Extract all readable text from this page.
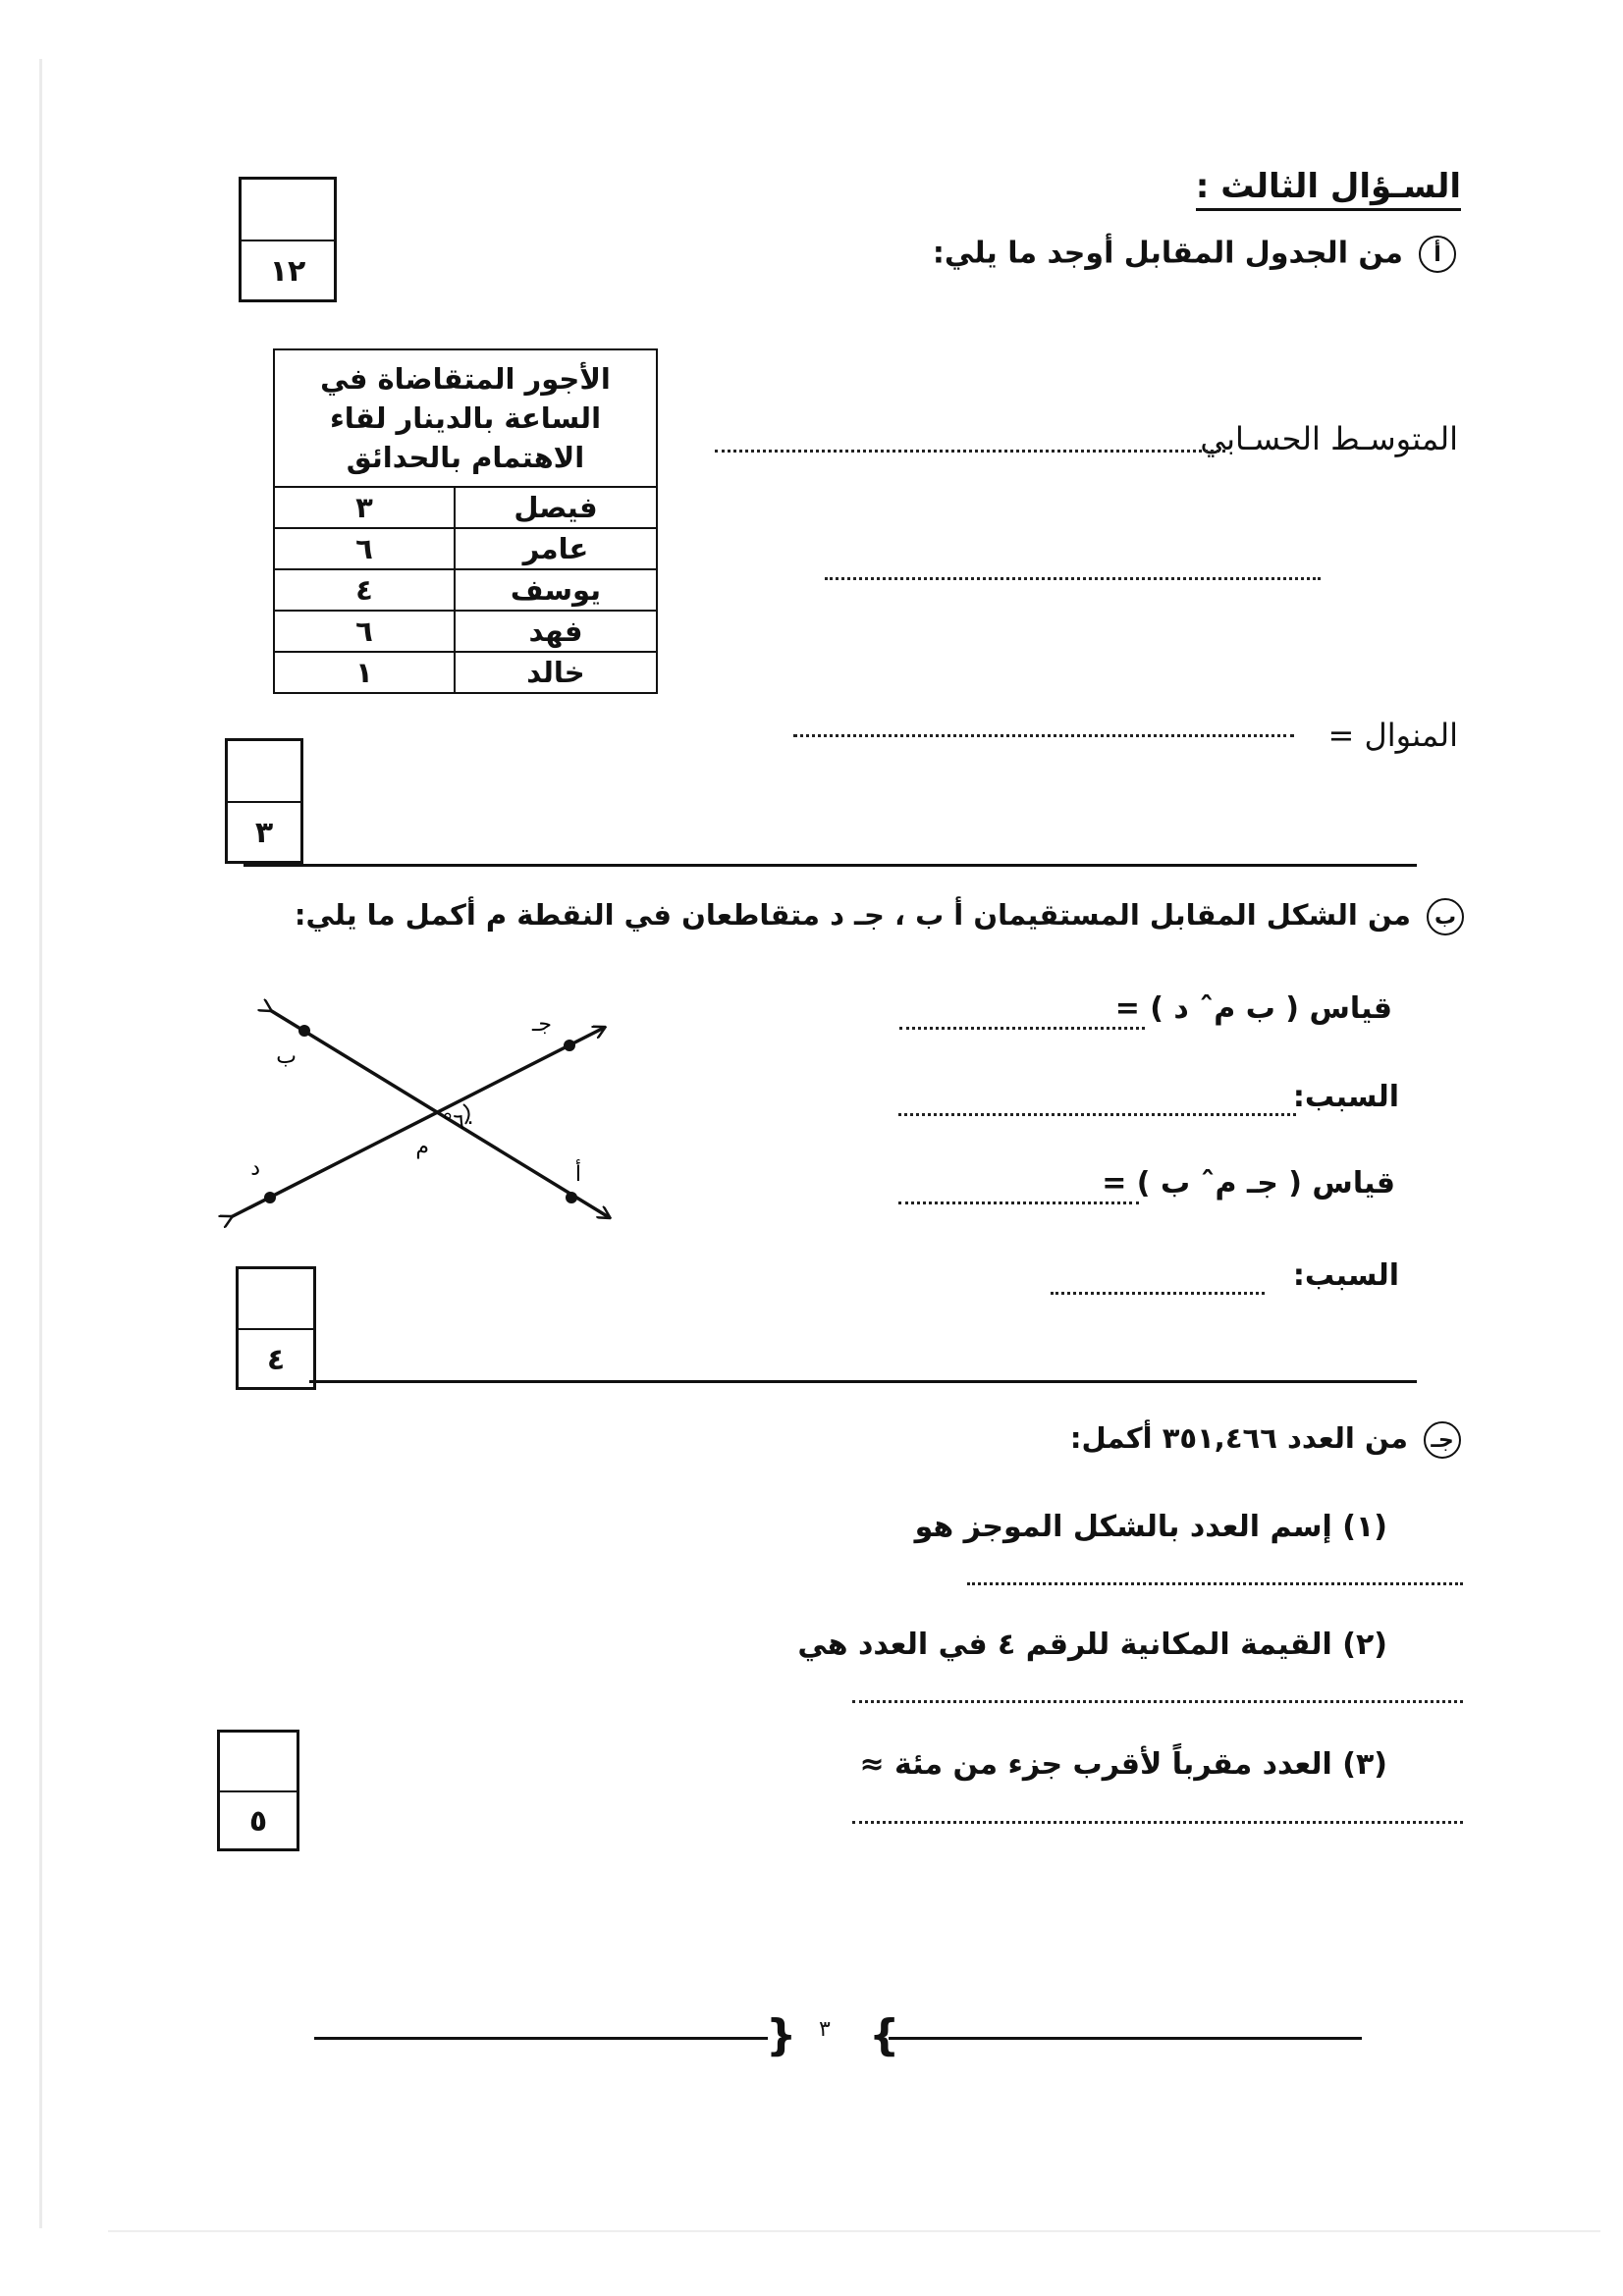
السـؤال الثالث :
١٢	أمن الجدول المقابل أوجد ما يلي:
الأجور المتقاضاة في الساعة بالدينار لقاء الاهتمام بالحدائق	
فيصل	٣
عامر	٦
يوسف	٤
فهد	٦
خالد	١
المتوسـط الحسـابي
المنوال =
٣
بمن الشكل المقابل المستقيمان أ ب ، جـ د متقاطعان في النقطة م أكمل ما يلي:
قياس ( ب مˆ د ) =
السبب:
قياس ( جـ مˆ ب ) =
السبب:
ب
جـ
د	أ
م
٦٠°
٤
جـمن العدد ٣٥١,٤٦٦ أكمل:
(١) إسم العدد بالشكل الموجز هو
(٢) القيمة المكانية للرقم ٤ في العدد هي
(٣) العدد مقرباً لأقرب جزء من مئة ≈
٥
{ }
٣
